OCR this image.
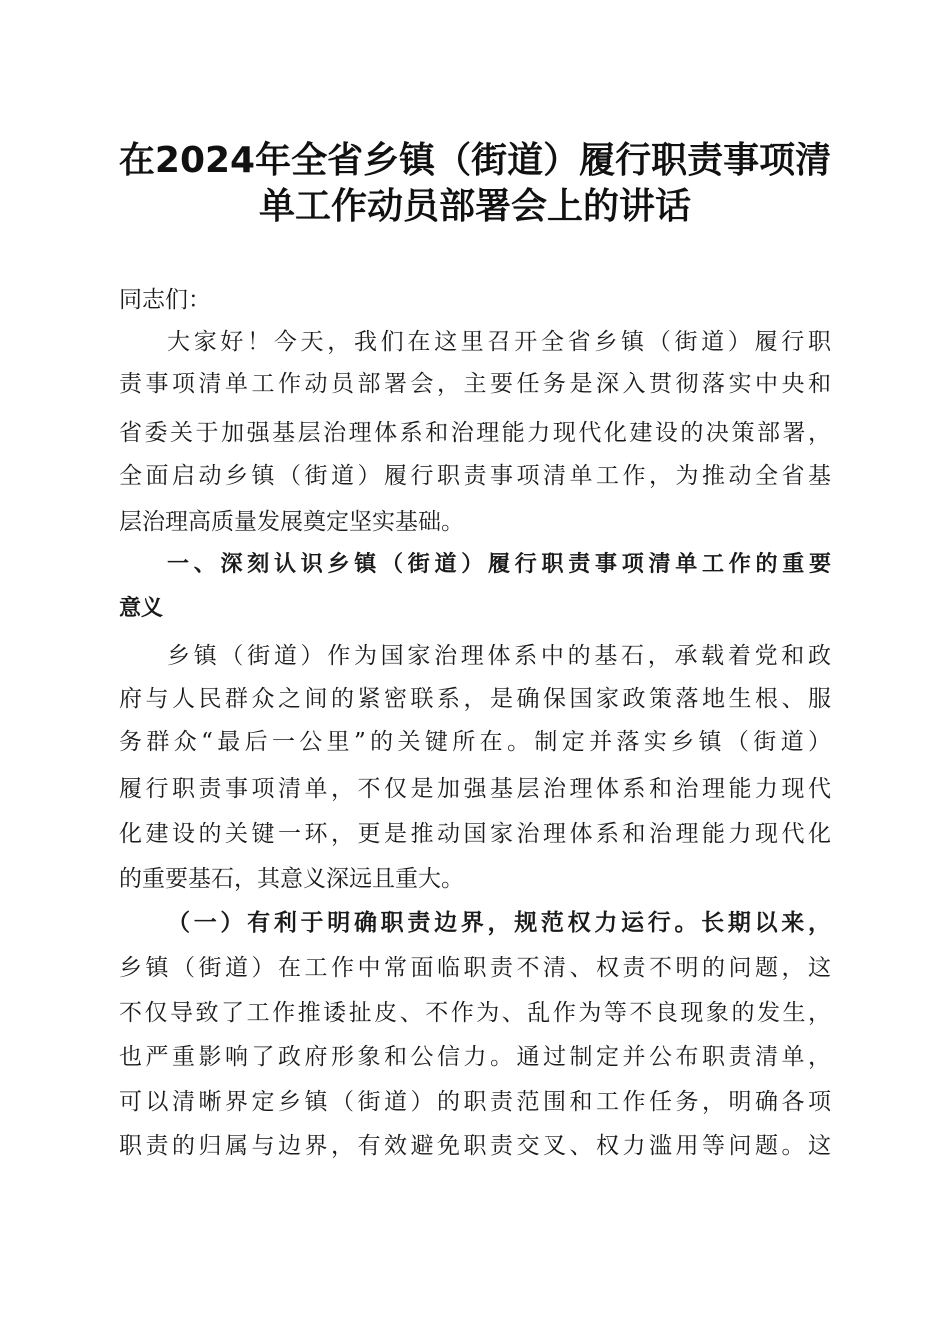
在2024年全省乡镇（街道）履行职责事项清
单工作动员部署会上的讲话
同志们：
大家好！今天，我们在这里召开全省乡镇（街道）履行职
责事项清单工作动员部署会，主要任务是深入贯彻落实中央和
省委关于加强基层治理体系和治理能力现代化建设的决策部署，
全面启动乡镇（街道）履行职责事项清单工作，为推动全省基
层治理高质量发展奠定坚实基础。
一、深刻认识乡镇（街道）履行职责事项清单工作的重要
意义
乡镇（街道）作为国家治理体系中的基石，承载着党和政
府与人民群众之间的紧密联系，是确保国家政策落地生根、服
务群众“最后一公里”的关键所在。制定并落实乡镇（街道）
履行职责事项清单，不仅是加强基层治理体系和治理能力现代
化建设的关键一环，更是推动国家治理体系和治理能力现代化
的重要基石，其意义深远且重大。
（一）有利于明确职责边界，规范权力运行。长期以来，
乡镇（街道）在工作中常面临职责不清、权责不明的问题，这
不仅导致了工作推诿扯皮、不作为、乱作为等不良现象的发生，
也严重影响了政府形象和公信力。通过制定并公布职责清单，
可以清晰界定乡镇（街道）的职责范围和工作任务，明确各项
职责的归属与边界，有效避免职责交叉、权力滥用等问题。这
